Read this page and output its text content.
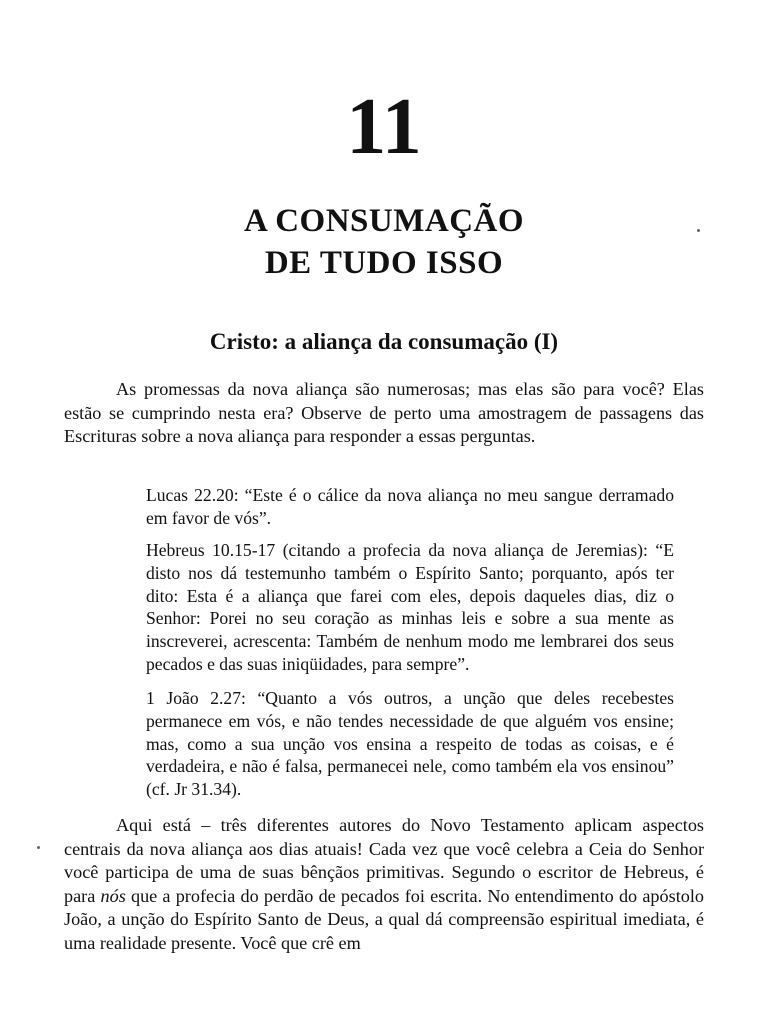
11
A CONSUMAÇÃO
DE TUDO ISSO
Cristo: a aliança da consumação (I)

As promessas da nova aliança são numerosas; mas elas são para você? Elas estão se cumprindo nesta era? Observe de perto uma amostragem de passagens das Escrituras sobre a nova aliança para responder a essas perguntas.

Lucas 22.20: “Este é o cálice da nova aliança no meu sangue derramado em favor de vós”.

Hebreus 10.15-17 (citando a profecia da nova aliança de Jeremias): “E disto nos dá testemunho também o Espírito Santo; porquanto, após ter dito: Esta é a aliança que farei com eles, depois daqueles dias, diz o Senhor: Porei no seu coração as minhas leis e sobre a sua mente as inscreverei, acrescenta: Também de nenhum modo me lembrarei dos seus pecados e das suas iniqüidades, para sempre”.

1 João 2.27: “Quanto a vós outros, a unção que deles recebestes permanece em vós, e não tendes necessidade de que alguém vos ensine; mas, como a sua unção vos ensina a respeito de todas as coisas, e é verdadeira, e não é falsa, permanecei nele, como também ela vos ensinou” (cf. Jr 31.34).

Aqui está – três diferentes autores do Novo Testamento aplicam aspectos centrais da nova aliança aos dias atuais! Cada vez que você celebra a Ceia do Senhor você participa de uma de suas bênçãos primitivas. Segundo o escritor de Hebreus, é para nós que a profecia do perdão de pecados foi escrita. No entendimento do apóstolo João, a unção do Espírito Santo de Deus, a qual dá compreensão espiritual imediata, é uma realidade presente. Você que crê em
